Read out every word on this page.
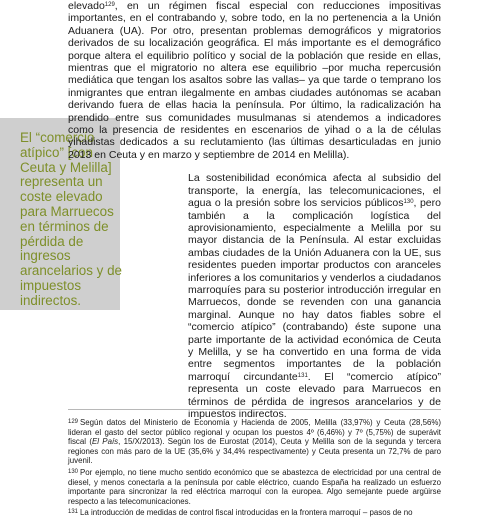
El “comercio atípico” [con Ceuta y Melilla] representa un coste elevado para Marruecos en términos de pérdida de ingresos arancelarios y de impuestos indirectos.

elevado$^{129}$, en un régimen fiscal especial con reducciones impositivas importantes, en el contrabando y, sobre todo, en la no pertenencia a la Unión Aduanera (UA). Por otro, presentan problemas demográficos y migratorios derivados de su localización geográfica. El más importante es el demográfico porque altera el equilibrio político y social de la población que reside en ellas, mientras que el migratorio no altera ese equilibrio –por mucha repercusión mediática que tengan los asaltos sobre las vallas– ya que tarde o temprano los inmigrantes que entran ilegalmente en ambas ciudades autónomas se acaban derivando fuera de ellas hacia la península. Por último, la radicalización ha prendido entre sus comunidades musulmanas si atendemos a indicadores como la presencia de residentes en escenarios de yihad o a la de células yihadistas dedicados a su reclutamiento (las últimas desarticuladas en junio 2013 en Ceuta y en marzo y septiembre de 2014 en Melilla).

La sostenibilidad económica afecta al subsidio del transporte, la energía, las telecomunicaciones, el agua o la presión sobre los servicios públicos$^{130}$, pero también a la complicación logística del aprovisionamiento, especialmente a Melilla por su mayor distancia de la Península. Al estar excluidas ambas ciudades de la Unión Aduanera con la UE, sus residentes pueden importar productos con aranceles inferiores a los comunitarios y venderlos a ciudadanos marroquíes para su posterior introducción irregular en Marruecos, donde se revenden con una ganancia marginal. Aunque no hay datos fiables sobre el “comercio atípico” (contrabando) éste supone una parte importante de la actividad económica de Ceuta y Melilla, y se ha convertido en una forma de vida entre segmentos importantes de la población marroquí circundante$^{131}$. El “comercio atípico” representa un coste elevado para Marruecos en términos de pérdida de ingresos arancelarios y de impuestos indirectos.

$^{129}$ Según datos del Ministerio de Economía y Hacienda de 2005, Melilla (33,97%) y Ceuta (28,56%) lideran el gasto del sector público regional y ocupan los puestos 4º (6,46%) y 7º (5,75%) de superávit fiscal (El País, 15/X/2013). Según los de Eurostat (2014), Ceuta y Melilla son de la segunda y tercera regiones con más paro de la UE (35,6% y 34,4% respectivamente) y Ceuta presenta un 72,7% de paro juvenil.

$^{130}$ Por ejemplo, no tiene mucho sentido económico que se abastezca de electricidad por una central de diesel, y menos conectarla a la península por cable eléctrico, cuando España ha realizado un esfuerzo importante para sincronizar la red eléctrica marroquí con la europea. Algo semejante puede argüirse respecto a las telecomunicaciones.

$^{131}$ La introducción de medidas de control fiscal introducidas en la frontera marroquí – pasos de no
